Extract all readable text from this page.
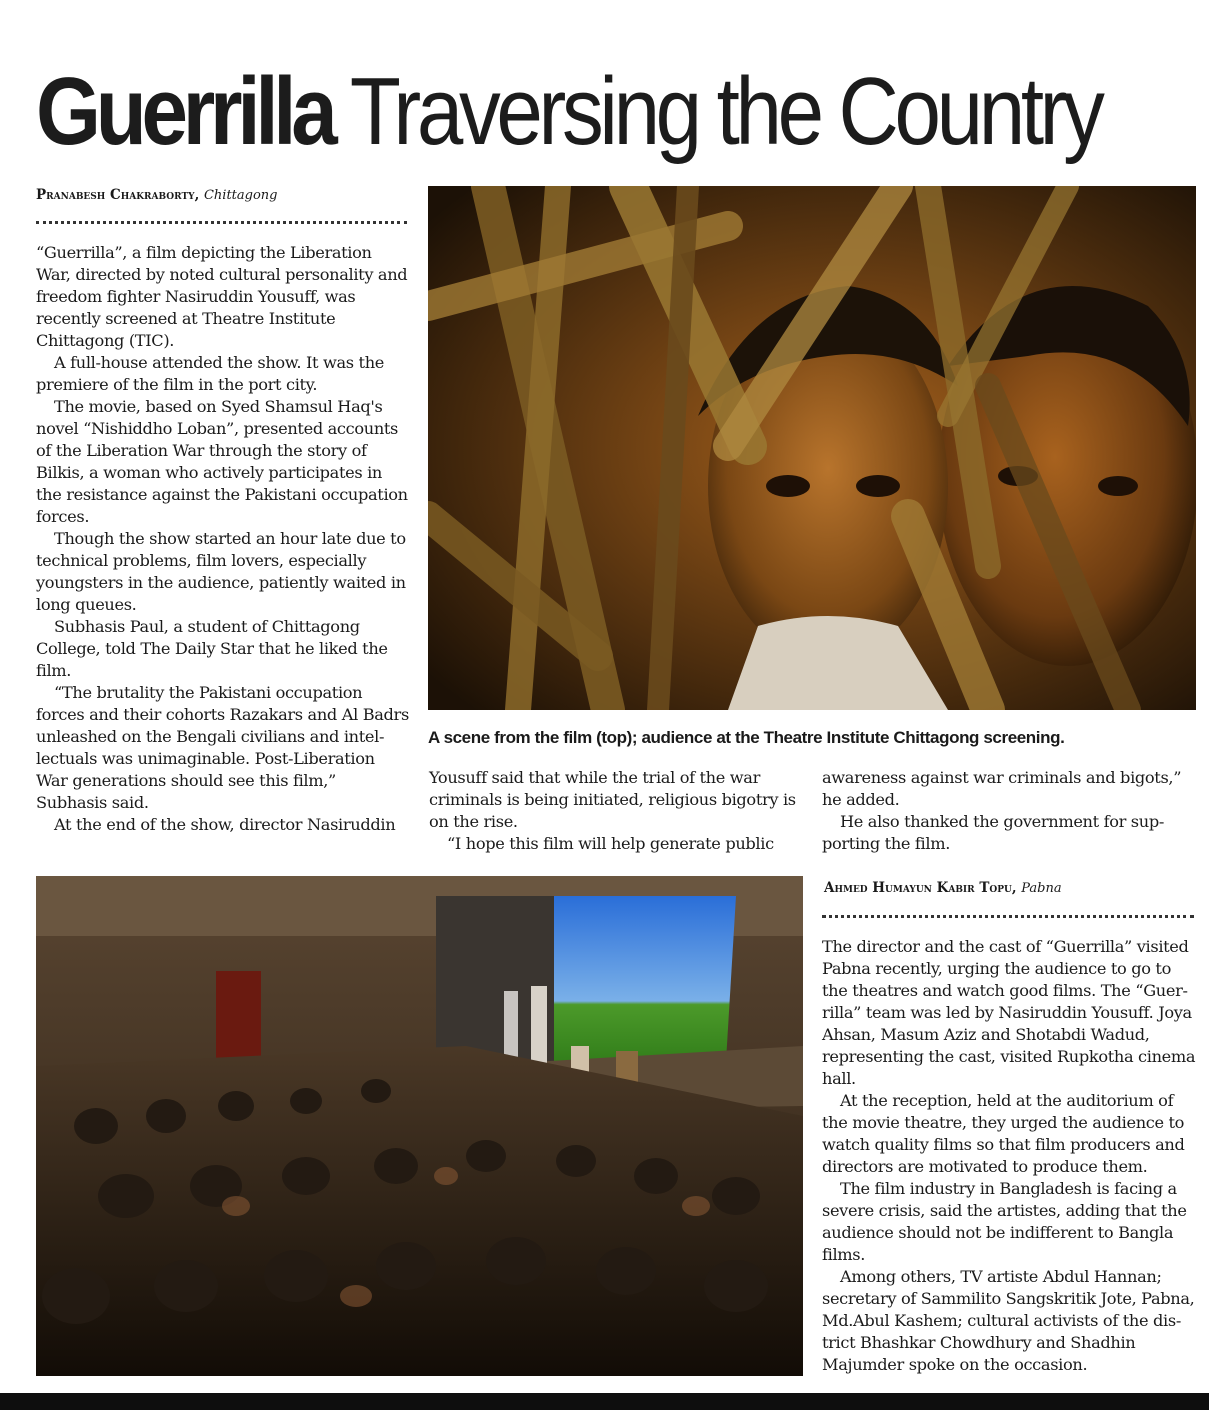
Guerrilla Traversing the Country
Pranabesh Chakraborty, Chittagong

“Guerrilla”, a film depicting the Liberation War, directed by noted cultural personality and freedom fighter Nasiruddin Yousuff, was recently screened at Theatre Institute Chittagong (TIC).

A full-house attended the show. It was the premiere of the film in the port city.

The movie, based on Syed Shamsul Haq's novel “Nishiddho Loban”, presented accounts of the Liberation War through the story of Bilkis, a woman who actively participates in the resistance against the Pakistani occupation forces.

Though the show started an hour late due to technical problems, film lovers, especially youngsters in the audience, patiently waited in long queues.

Subhasis Paul, a student of Chittagong College, told The Daily Star that he liked the film.

“The brutality the Pakistani occupation forces and their cohorts Razakars and Al Badrs unleashed on the Bengali civilians and intel-lectuals was unimaginable. Post-Liberation War generations should see this film,” Subhasis said.

At the end of the show, director Nasiruddin

A scene from the film (top); audience at the Theatre Institute Chittagong screening.

Yousuff said that while the trial of the war criminals is being initiated, religious bigotry is on the rise.

“I hope this film will help generate public

awareness against war criminals and bigots,” he added.

He also thanked the government for sup-porting the film.

Ahmed Humayun Kabir Topu, Pabna

The director and the cast of “Guerrilla” visited Pabna recently, urging the audience to go to the theatres and watch good films. The “Guer-rilla” team was led by Nasiruddin Yousuff. Joya Ahsan, Masum Aziz and Shotabdi Wadud, representing the cast, visited Rupkotha cinema hall.

At the reception, held at the auditorium of the movie theatre, they urged the audience to watch quality films so that film producers and directors are motivated to produce them.

The film industry in Bangladesh is facing a severe crisis, said the artistes, adding that the audience should not be indifferent to Bangla films.

Among others, TV artiste Abdul Hannan; secretary of Sammilito Sangskritik Jote, Pabna, Md.Abul Kashem; cultural activists of the dis-trict Bhashkar Chowdhury and Shadhin Majumder spoke on the occasion.
